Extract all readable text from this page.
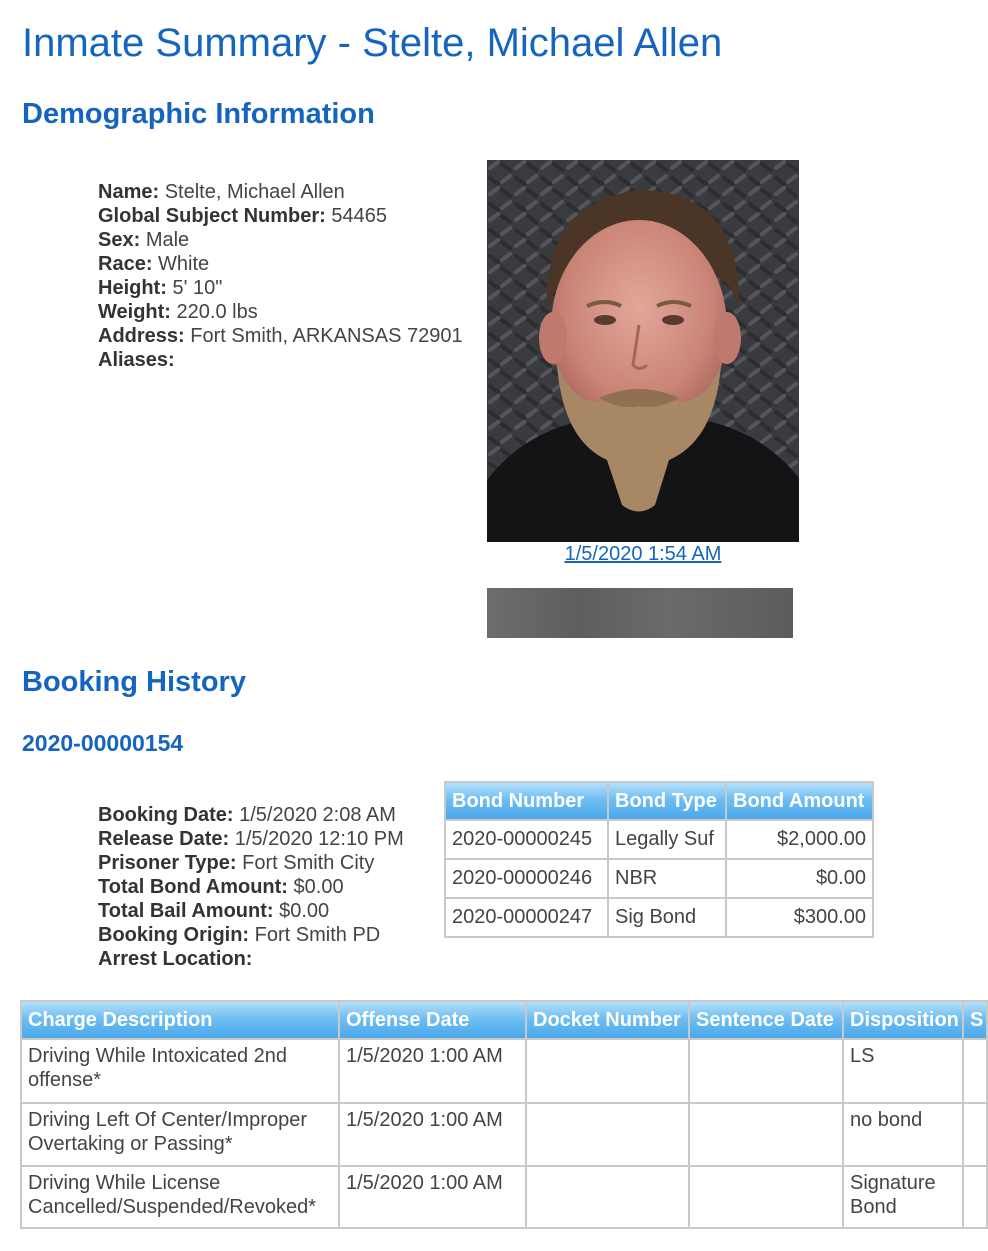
Inmate Summary - Stelte, Michael Allen
Demographic Information
Name: Stelte, Michael Allen
Global Subject Number: 54465
Sex: Male
Race: White
Height: 5' 10"
Weight: 220.0 lbs
Address: Fort Smith, ARKANSAS 72901
Aliases:
1/5/2020 1:54 AM
Booking History
2020-00000154
Booking Date: 1/5/2020 2:08 AM
Release Date: 1/5/2020 12:10 PM
Prisoner Type: Fort Smith City
Total Bond Amount: $0.00
Total Bail Amount: $0.00
Booking Origin: Fort Smith PD
Arrest Location:
Bond Number	Bond Type	Bond Amount
2020-00000245	Legally Suf	$2,000.00
2020-00000246	NBR	$0.00
2020-00000247	Sig Bond	$300.00
Charge Description	Offense Date	Docket Number	Sentence Date	Disposition	S
Driving While Intoxicated 2nd offense*	1/5/2020 1:00 AM			LS	
Driving Left Of Center/Improper Overtaking or Passing*	1/5/2020 1:00 AM			no bond	
Driving While License Cancelled/Suspended/Revoked*	1/5/2020 1:00 AM			Signature Bond	
